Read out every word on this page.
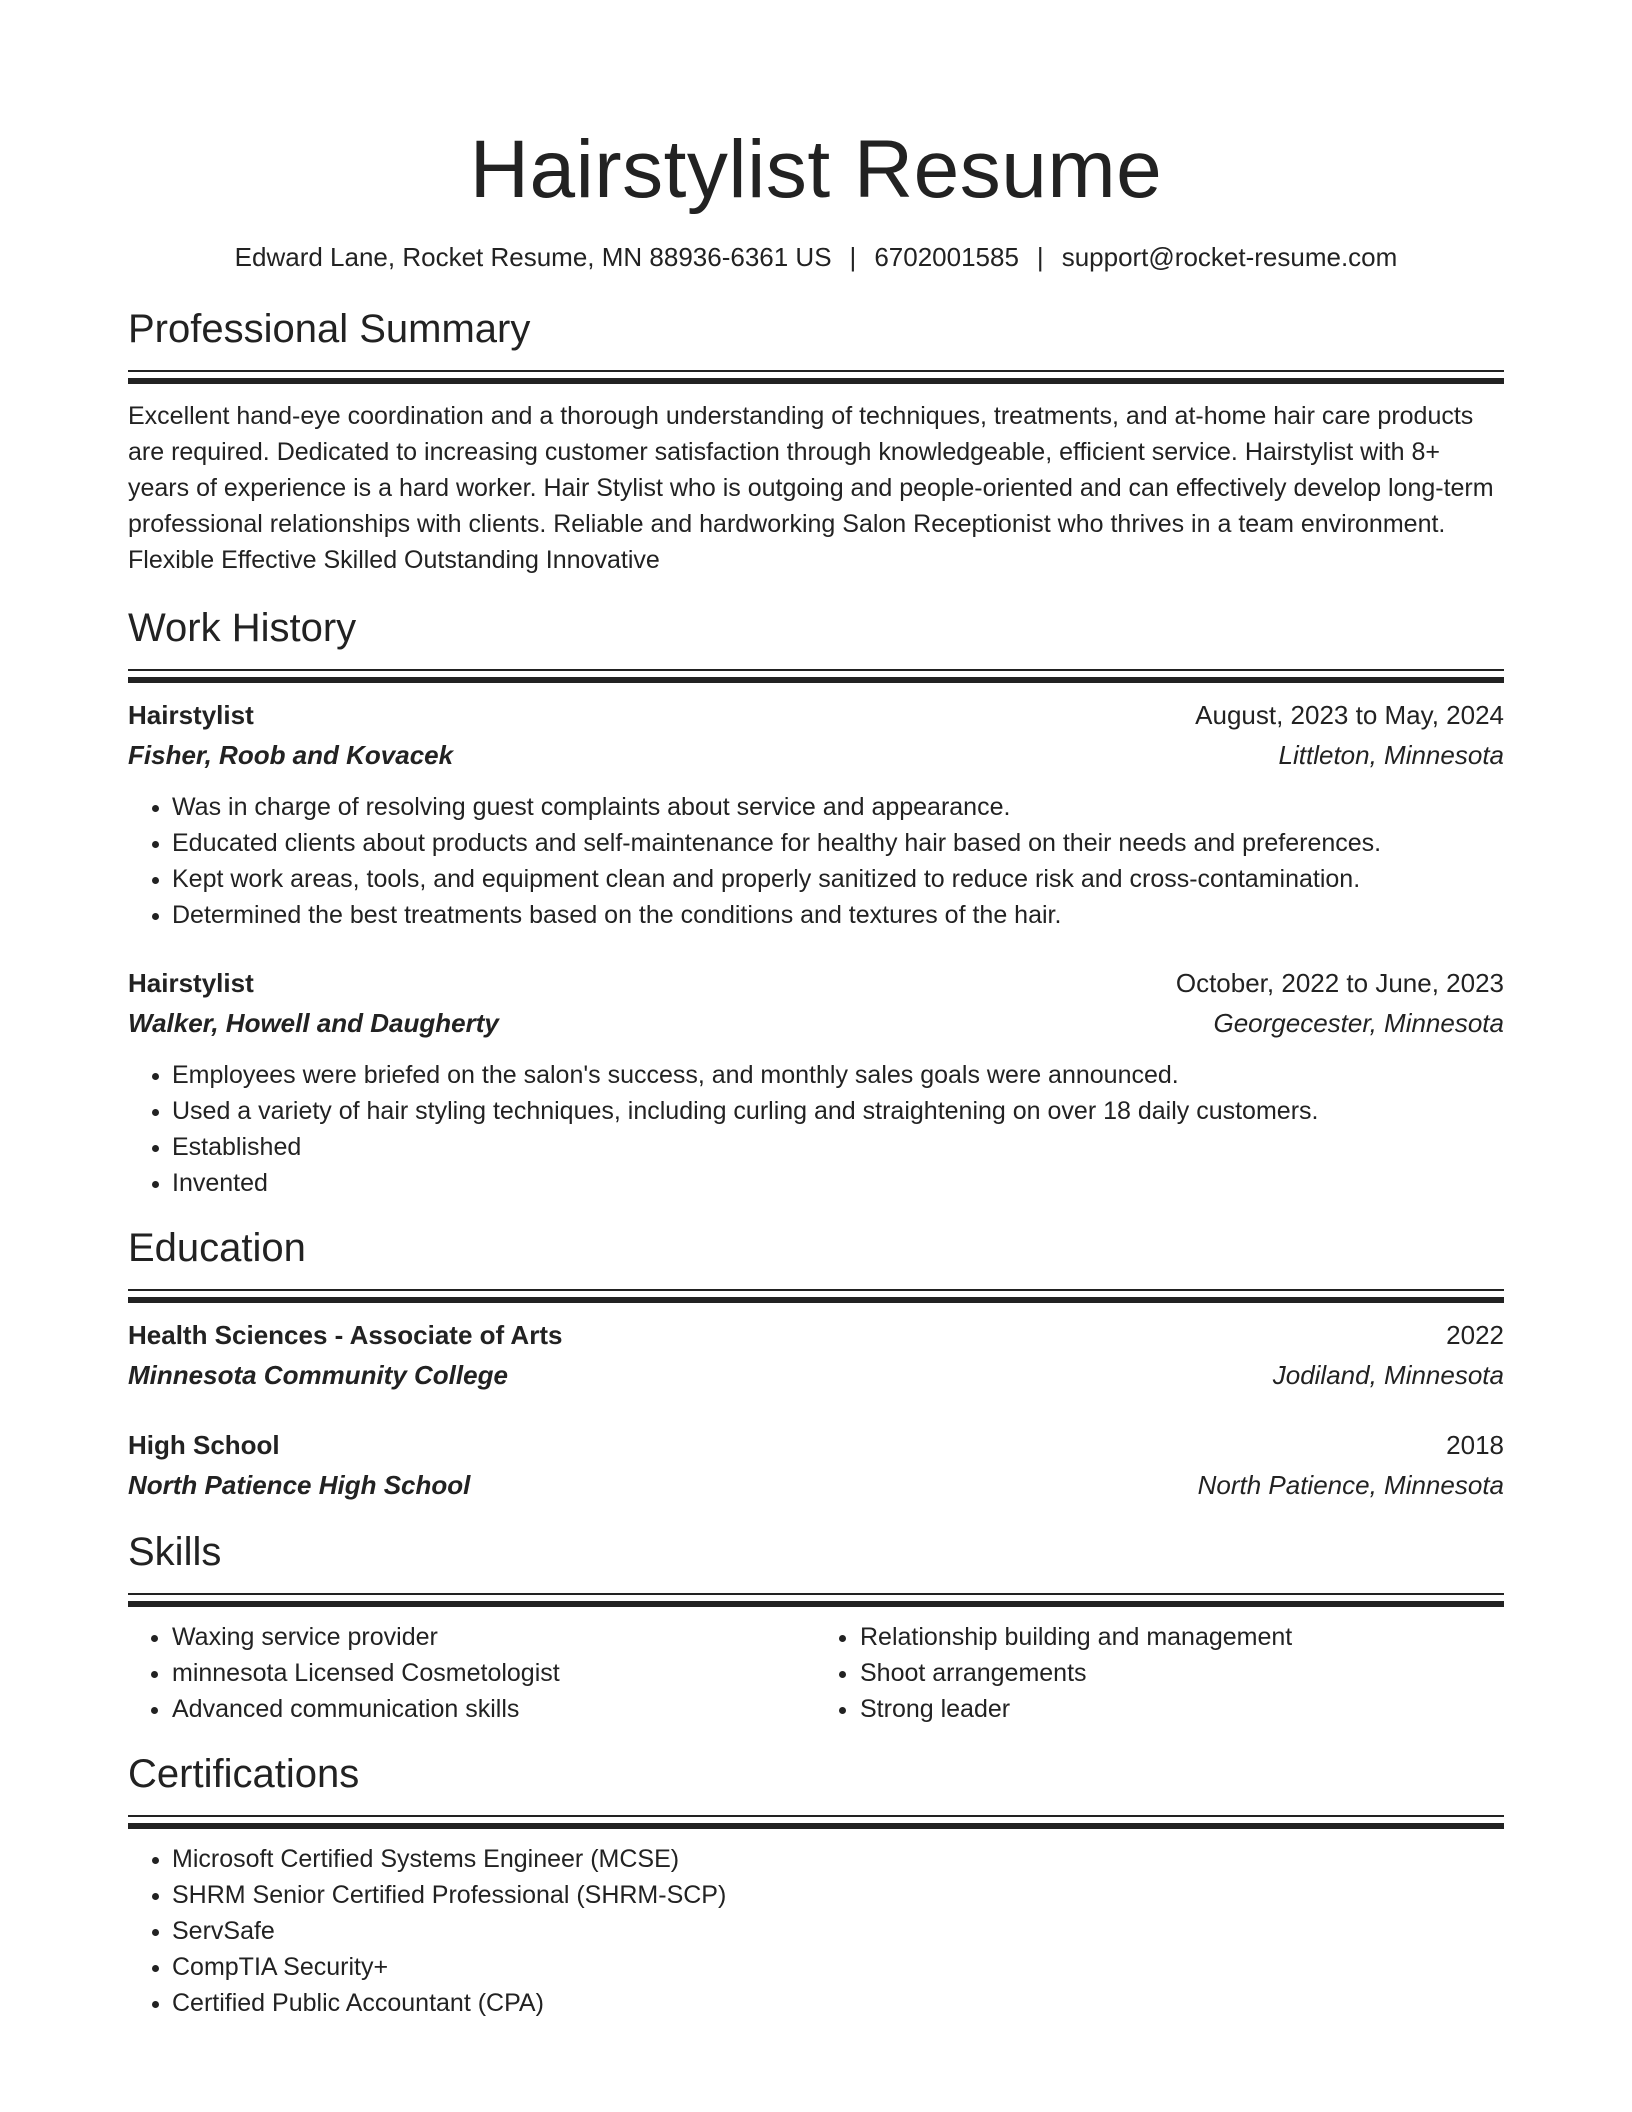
Hairstylist Resume
Edward Lane, Rocket Resume, MN 88936-6361 US | 6702001585 | support@rocket-resume.com
Professional Summary

Excellent hand-eye coordination and a thorough understanding of techniques, treatments, and at-home hair care products are required. Dedicated to increasing customer satisfaction through knowledgeable, efficient service. Hairstylist with 8+ years of experience is a hard worker. Hair Stylist who is outgoing and people-oriented and can effectively develop long-term professional relationships with clients. Reliable and hardworking Salon Receptionist who thrives in a team environment. Flexible Effective Skilled Outstanding Innovative

Work History
Hairstylist	August, 2023 to May, 2024
Fisher, Roob and Kovacek	Littleton, Minnesota
• Was in charge of resolving guest complaints about service and appearance.
• Educated clients about products and self-maintenance for healthy hair based on their needs and preferences.
• Kept work areas, tools, and equipment clean and properly sanitized to reduce risk and cross-contamination.
• Determined the best treatments based on the conditions and textures of the hair.
Hairstylist	October, 2022 to June, 2023
Walker, Howell and Daugherty	Georgecester, Minnesota
• Employees were briefed on the salon's success, and monthly sales goals were announced.
• Used a variety of hair styling techniques, including curling and straightening on over 18 daily customers.
• Established
• Invented
Education
Health Sciences - Associate of Arts	2022
Minnesota Community College	Jodiland, Minnesota
High School	2018
North Patience High School	North Patience, Minnesota
Skills
• Waxing service provider
• minnesota Licensed Cosmetologist
• Advanced communication skills
• Relationship building and management
• Shoot arrangements
• Strong leader
Certifications
• Microsoft Certified Systems Engineer (MCSE)
• SHRM Senior Certified Professional (SHRM-SCP)
• ServSafe
• CompTIA Security+
• Certified Public Accountant (CPA)
